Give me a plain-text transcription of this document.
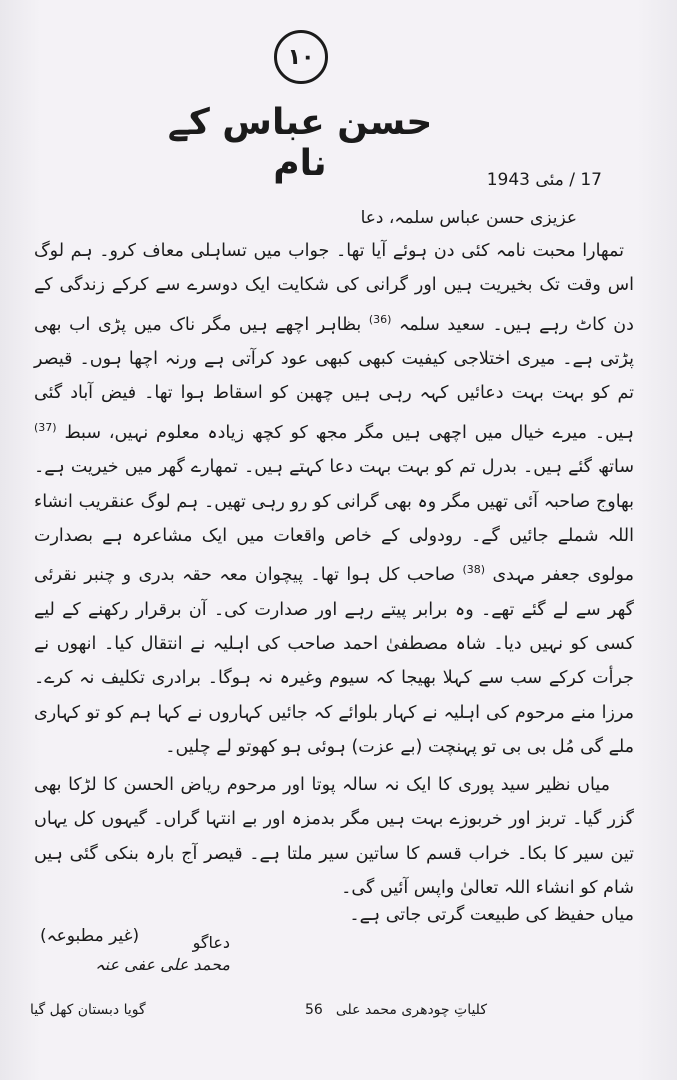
۱۰
حسن عباس کے نام	17 / مئی 1943
عزیزی حسن عباس سلمہ، دعا
تمھارا محبت نامہ کئی دن ہوئے آیا تھا۔ جواب میں تساہلی معاف کرو۔ ہم لوگ اس وقت تک بخیریت ہیں اور گرانی کی شکایت ایک دوسرے سے کرکے زندگی کے دن کاٹ رہے ہیں۔ سعید سلمہ $^{(36)}$ بظاہر اچھے ہیں مگر ناک میں پڑی اب بھی پڑتی ہے۔ میری اختلاجی کیفیت کبھی کبھی عود کرآتی ہے ورنہ اچھا ہوں۔ قیصر تم کو بہت بہت دعائیں کہہ رہی ہیں چھبن کو اسقاط ہوا تھا۔ فیض آباد گئی ہیں۔ میرے خیال میں اچھی ہیں مگر مجھ کو کچھ زیادہ معلوم نہیں، سبط $^{(37)}$ ساتھ گئے ہیں۔ بدرل تم کو بہت بہت دعا کہتے ہیں۔ تمھارے گھر میں خیریت ہے۔ بھاوج صاحبہ آئی تھیں مگر وہ بھی گرانی کو رو رہی تھیں۔ ہم لوگ عنقریب انشاء اللہ شملے جائیں گے۔ رودولی کے خاص واقعات میں ایک مشاعرہ ہے بصدارت مولوی جعفر مہدی $^{(38)}$ صاحب کل ہوا تھا۔ پیچوان معہ حقہ بدری و چنبر نقرئی گھر سے لے گئے تھے۔ وہ برابر پیتے رہے اور صدارت کی۔ آن برقرار رکھنے کے لیے کسی کو نہیں دیا۔ شاہ مصطفیٰ احمد صاحب کی اہلیہ نے انتقال کیا۔ انھوں نے جرأت کرکے سب سے کہلا بھیجا کہ سیوم وغیرہ نہ ہوگا۔ برادری تکلیف نہ کرے۔ مرزا منے مرحوم کی اہلیہ نے کہار بلوائے کہ جائیں کہاروں نے کہا ہم کو تو کہاری ملے گی مُل بی بی تو پہنچت (بے عزت) ہوئی ہو کھوتو لے چلیں۔
میاں نظیر سید پوری کا ایک نہ سالہ پوتا اور مرحوم ریاض الحسن کا لڑکا بھی گزر گیا۔ تربز اور خربوزے بہت ہیں مگر بدمزہ اور بے انتہا گراں۔ گیہوں کل یہاں تین سیر کا بکا۔ خراب قسم کا ساتین سیر ملتا ہے۔ قیصر آج بارہ بنکی گئی ہیں شام کو انشاء اللہ تعالیٰ واپس آئیں گی۔
میاں حفیظ کی طبیعت گرتی جاتی ہے۔
(غیر مطبوعہ)	دعاگو
محمد علی عفی عنہ
گویا دبستان کھل گیا	56 کلیاتِ چودھری محمد علی
